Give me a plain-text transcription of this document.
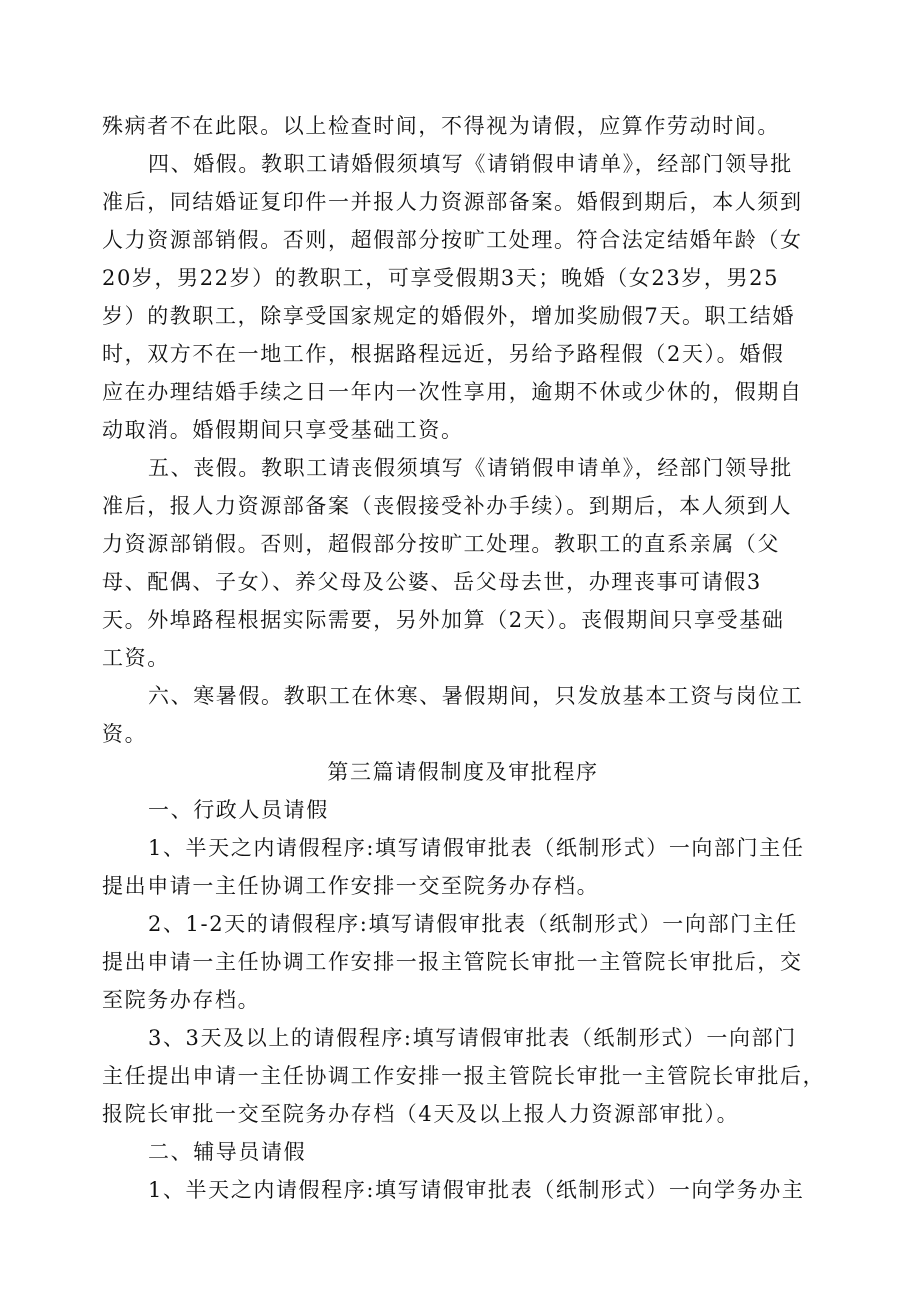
殊病者不在此限。以上检查时间，不得视为请假，应算作劳动时间。
四、婚假。教职工请婚假须填写《请销假申请单》，经部门领导批
准后，同结婚证复印件一并报人力资源部备案。婚假到期后，本人须到
人力资源部销假。否则，超假部分按旷工处理。符合法定结婚年龄（女
20岁，男22岁）的教职工，可享受假期3天；晚婚（女23岁，男25
岁）的教职工，除享受国家规定的婚假外，增加奖励假7天。职工结婚
时，双方不在一地工作，根据路程远近，另给予路程假（2天）。婚假
应在办理结婚手续之日一年内一次性享用，逾期不休或少休的，假期自
动取消。婚假期间只享受基础工资。
五、丧假。教职工请丧假须填写《请销假申请单》，经部门领导批
准后，报人力资源部备案（丧假接受补办手续）。到期后，本人须到人
力资源部销假。否则，超假部分按旷工处理。教职工的直系亲属（父
母、配偶、子女）、养父母及公婆、岳父母去世，办理丧事可请假3
天。外埠路程根据实际需要，另外加算（2天）。丧假期间只享受基础
工资。
六、寒暑假。教职工在休寒、暑假期间，只发放基本工资与岗位工
资。
第三篇请假制度及审批程序
一、行政人员请假
1、半天之内请假程序:填写请假审批表（纸制形式）一向部门主任
提出申请一主任协调工作安排一交至院务办存档。
2、1-2天的请假程序:填写请假审批表（纸制形式）一向部门主任
提出申请一主任协调工作安排一报主管院长审批一主管院长审批后，交
至院务办存档。
3、3天及以上的请假程序:填写请假审批表（纸制形式）一向部门
主任提出申请一主任协调工作安排一报主管院长审批一主管院长审批后，
报院长审批一交至院务办存档（4天及以上报人力资源部审批）。
二、辅导员请假
1、半天之内请假程序:填写请假审批表（纸制形式）一向学务办主
